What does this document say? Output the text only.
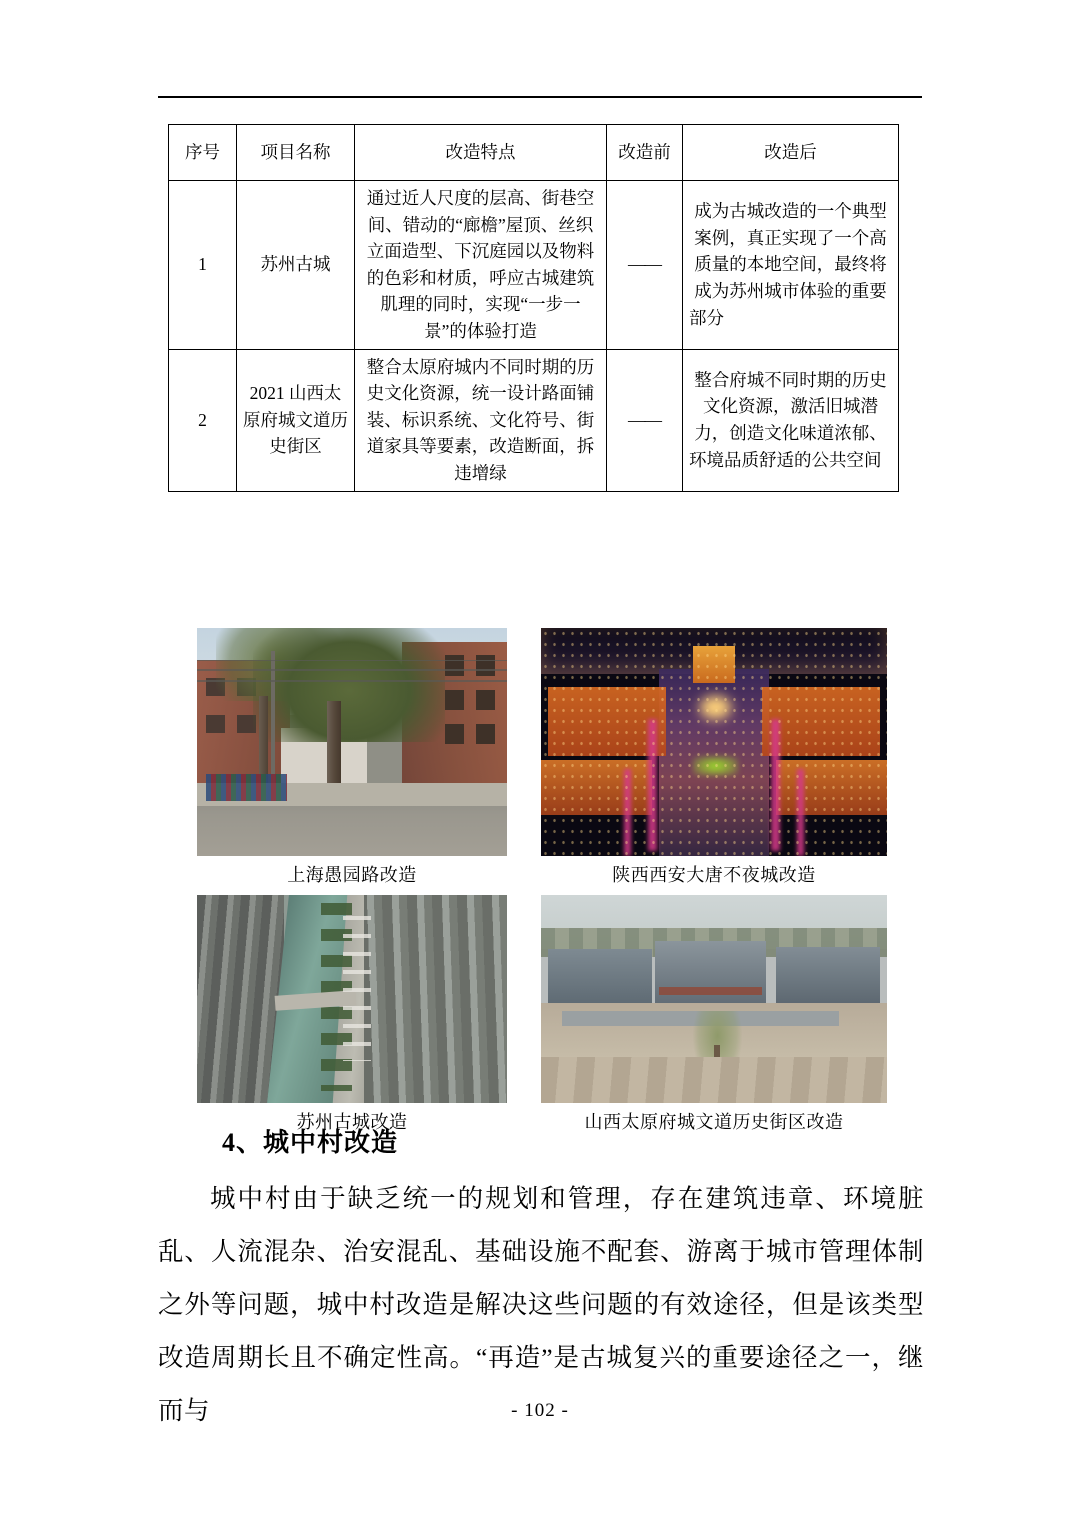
序号	项目名称	改造特点	改造前	改造后
1	苏州古城	通过近人尺度的层高、街巷空间、错动的“廊檐”屋顶、丝织立面造型、下沉庭园以及物料的色彩和材质，呼应古城建筑肌理的同时，实现“一步一景”的体验打造	——	成为古城改造的一个典型案例，真正实现了一个高质量的本地空间，最终将成为苏州城市体验的重要部分
2	2021 山西太原府城文道历史街区	整合太原府城内不同时期的历史文化资源，统一设计路面铺装、标识系统、文化符号、街道家具等要素，改造断面，拆违增绿	——	整合府城不同时期的历史文化资源，激活旧城潜力，创造文化味道浓郁、环境品质舒适的公共空间
上海愚园路改造	陕西西安大唐不夜城改造
苏州古城改造	山西太原府城文道历史街区改造
4、城中村改造
城中村由于缺乏统一的规划和管理，存在建筑违章、环境脏乱、人流混杂、治安混乱、基础设施不配套、游离于城市管理体制之外等问题，城中村改造是解决这些问题的有效途径，但是该类型改造周期长且不确定性高。“再造”是古城复兴的重要途径之一，继而与	- 102 -
